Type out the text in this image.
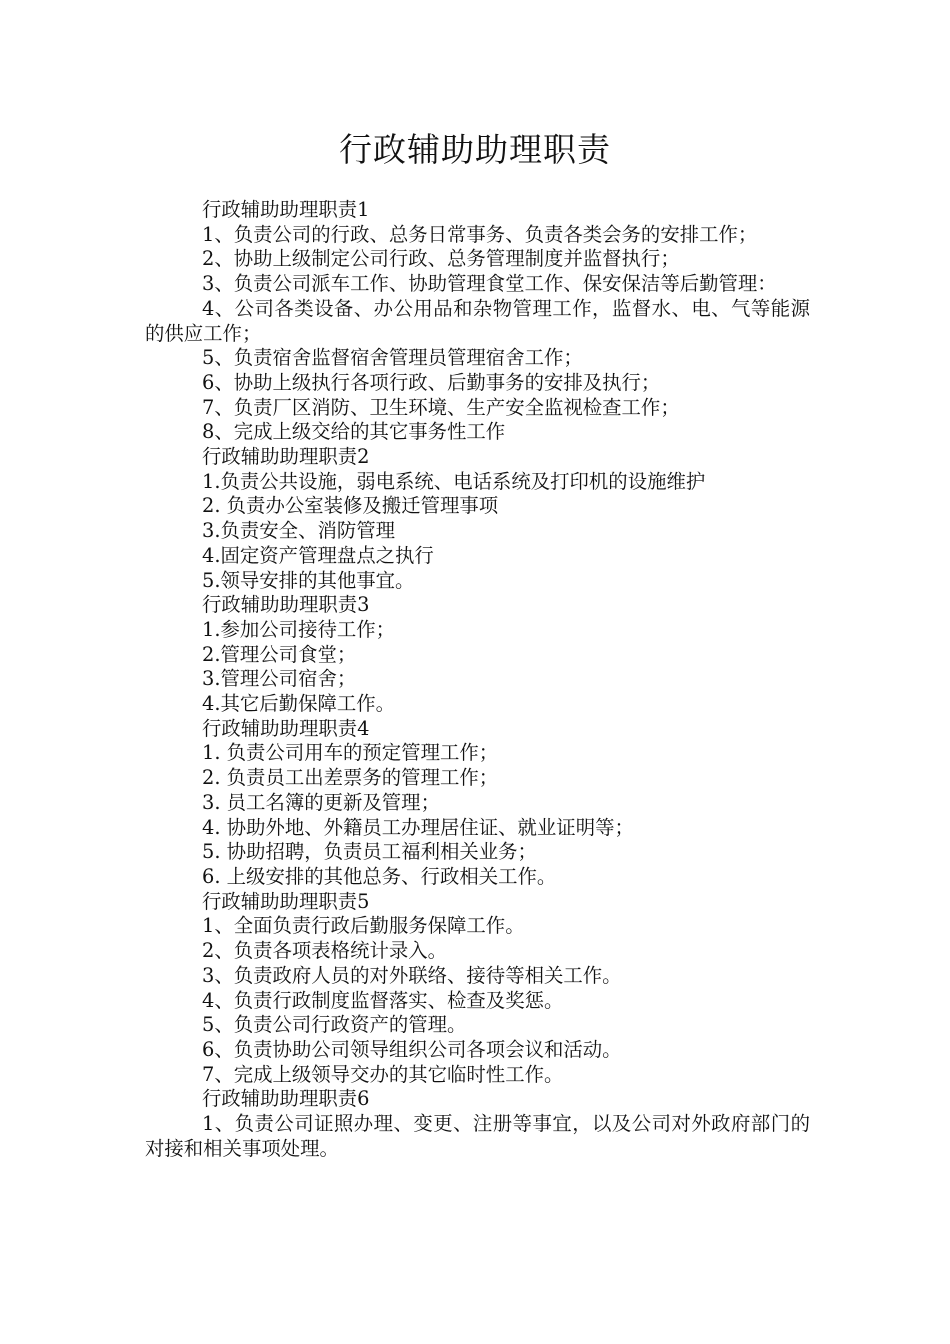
行政辅助助理职责

行政辅助助理职责1

1、负责公司的行政、总务日常事务、负责各类会务的安排工作；

2、协助上级制定公司行政、总务管理制度并监督执行；

3、负责公司派车工作、协助管理食堂工作、保安保洁等后勤管理：

4、公司各类设备、办公用品和杂物管理工作，监督水、电、气等能源的供应工作；

5、负责宿舍监督宿舍管理员管理宿舍工作；

6、协助上级执行各项行政、后勤事务的安排及执行；

7、负责厂区消防、卫生环境、生产安全监视检查工作；

8、完成上级交给的其它事务性工作

行政辅助助理职责2

1.负责公共设施，弱电系统、电话系统及打印机的设施维护

2. 负责办公室装修及搬迁管理事项

3.负责安全、消防管理

4.固定资产管理盘点之执行

5.领导安排的其他事宜。

行政辅助助理职责3

1.参加公司接待工作；

2.管理公司食堂；

3.管理公司宿舍；

4.其它后勤保障工作。

行政辅助助理职责4

1. 负责公司用车的预定管理工作；

2. 负责员工出差票务的管理工作；

3. 员工名簿的更新及管理；

4. 协助外地、外籍员工办理居住证、就业证明等；

5. 协助招聘，负责员工福利相关业务；

6. 上级安排的其他总务、行政相关工作。

行政辅助助理职责5

1、全面负责行政后勤服务保障工作。

2、负责各项表格统计录入。

3、负责政府人员的对外联络、接待等相关工作。

4、负责行政制度监督落实、检查及奖惩。

5、负责公司行政资产的管理。

6、负责协助公司领导组织公司各项会议和活动。

7、完成上级领导交办的其它临时性工作。

行政辅助助理职责6

1、负责公司证照办理、变更、注册等事宜，以及公司对外政府部门的对接和相关事项处理。
